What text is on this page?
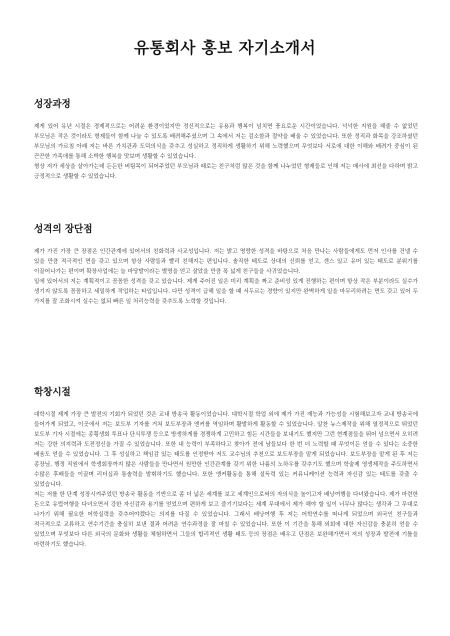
유통회사 홍보 자기소개서
성장과정

제게 있어 유년 시절은 경제적으로는 어려운 환경이었지만 정신적으로는 유용과 행복이 넘치면 풍요로운 시간이었습니다. 넉넉한 지원을 해줄 수 없었던 부모님은 작은 것이라도 형제들이 함께 나눌 수 있도록 배려해주셨으며 그 속에서 저는 검소함과 절약을 배울 수 있었습니다. 또한 정직과 화목을 강조하셨던 부모님의 가르침 아래 저는 바른 가치관과 도덕의식을 갖추고 성실하고 정직하게 생활하기 위해 노력했으며 무엇보다 서로에 대한 이해와 배려가 중심이 된 끈끈한 가족애를 통해 소박한 행복을 맛보며 생활할 수 있었습니다.

형상 저가 세상을 살아가는데 든든한 버팀목이 되어주었던 부모님과 때로는 친구처럼 많은 것을 함께 나누었던 형제들로 인해 저는 매사에 최선을 다하며 밝고 긍정적으로 생활할 수 있었습니다.

성격의 장단점

제가 가진 가장 큰 장점은 인간관계에 있어서의 친화력과 사교성입니다. 저는 밝고 명랑한 성격을 바탕으로 처음 만나는 사람들에게도 먼저 인사를 건넬 수 있을 만큼 적극적인 면을 갖고 있으며 항상 사람들과 빨리 친해지는 편입니다. 솔직한 태도로 상대의 신뢰를 얻고, 센스 있고 유머 있는 태도로 분위기를 이끌어나가는 편이며 확장사업에는 늘 마당발이라는 별명을 얻고 살았을 만큼 폭 넓게 친구들을 사귀었습니다.

일에 있어서의 저는 계획적이고 꼼꼼한 성격을 갖고 있습니다. 제게 주어진 일은 미리 계획을 짜고 준비성 있게 진행하는 편이며 항상 작은 부분이라도 실수가 생기지 않도록 꼼꼼하고 세밀하게 작업하는 타입입니다. 다만 성격이 급해 일을 할 때 서두르는 경향이 있지만 완벽하게 일을 마무리하려는 면도 갖고 있어 두 가지를 잘 조화시켜 실수는 없되 빠른 일 처리능력을 갖추도록 노력할 것입니다.

학창시절

대학시절 제게 가장 큰 발전의 기회가 되었던 것은 교내 방송국 활동이었습니다. 대학시절 학업 외에 제가 가진 재능과 가능성을 시험해보고자 교내 방송국에 들어가게 되었고, 이곳에서 저는 보도부 기자를 거쳐 보도부장과 엔커를 역임하며 활발하게 활동할 수 있었습니다. 알찬 뉴스제작을 위해 열정적으로 뛰었던 보도부 기자 시절에는 종횡생회 투표나 단식투쟁 등으로 방생하게를 경쟁하게 고민하고 힘든 시간들을 보내기도 했지만 그런 현계점들을 뛰어 넘으면서 오히려 저는 강한 의지력과 도전정신을 가질 수 있었습니다. 또한 내 능력이 부족하다고 찾아가 전에 남들보다 한 번 더 노력할 때 무엇이든 얻을 수 있다는 소중한 배움도 얻을 수 있었습니다. 그 후 성실하고 책임감 있는 태도를 인정받아 저도 교수님의 추천으로 보도부장을 맡게 되었습니다. 보도부장을 맡게 된 후 저는 종장님, 행정 직원에서 학생회장까지 많은 사람들을 만나면서 원만한 인간관계를 갖기 위한 나름의 노하우를 갖추기도 했으며 학술제 영생제작을 주도하면서 수많은 후배들을 이끌며 리더십과 통솔력을 발휘하기도 했습니다. 또한 앵커활동을 통해 설득력 있는 커뮤니케이션 능력과 자신감 있는 태도를 갖출 수 있었습니다.

저는 저를 한 단계 성장시켜주었던 방송국 활동을 기반으로 좀 더 넓은 세계를 보고 세계인으로써의 자의식을 높이고자 배낭여행을 다녀왔습니다. 제가 마련한 돈으로 유럽여행을 다녀오면서 강한 자신감과 용기를 얻었으며 편하게 보고 즐기기보다는 세계 무대에서 제가 해야 할 일이 너무나 많다는 생각과 그 무대로 나가기 위해 필요한 어학실력을 갖추어야겠다는 의지를 다질 수 있었습니다. 그래서 배낭여행 후 저는 어학연수를 떠나게 되었으며 외국인 친구들과 적극적으로 교류하고 연수기간을 충실히 보낸 결과 어려운 연수과정을 잘 마칠 수 있었습니다. 또한 이 기간을 통해 외회에 대한 자신감을 충분히 얻을 수 있었으며 무엇보다 다른 외국의 문화와 생활을 체험하면서 그들의 합리적인 생활 태도 등의 장점은 배우고 단점은 보완해가면서 저의 성장과 발전에 기틀을 마련하기도 했습니다.
